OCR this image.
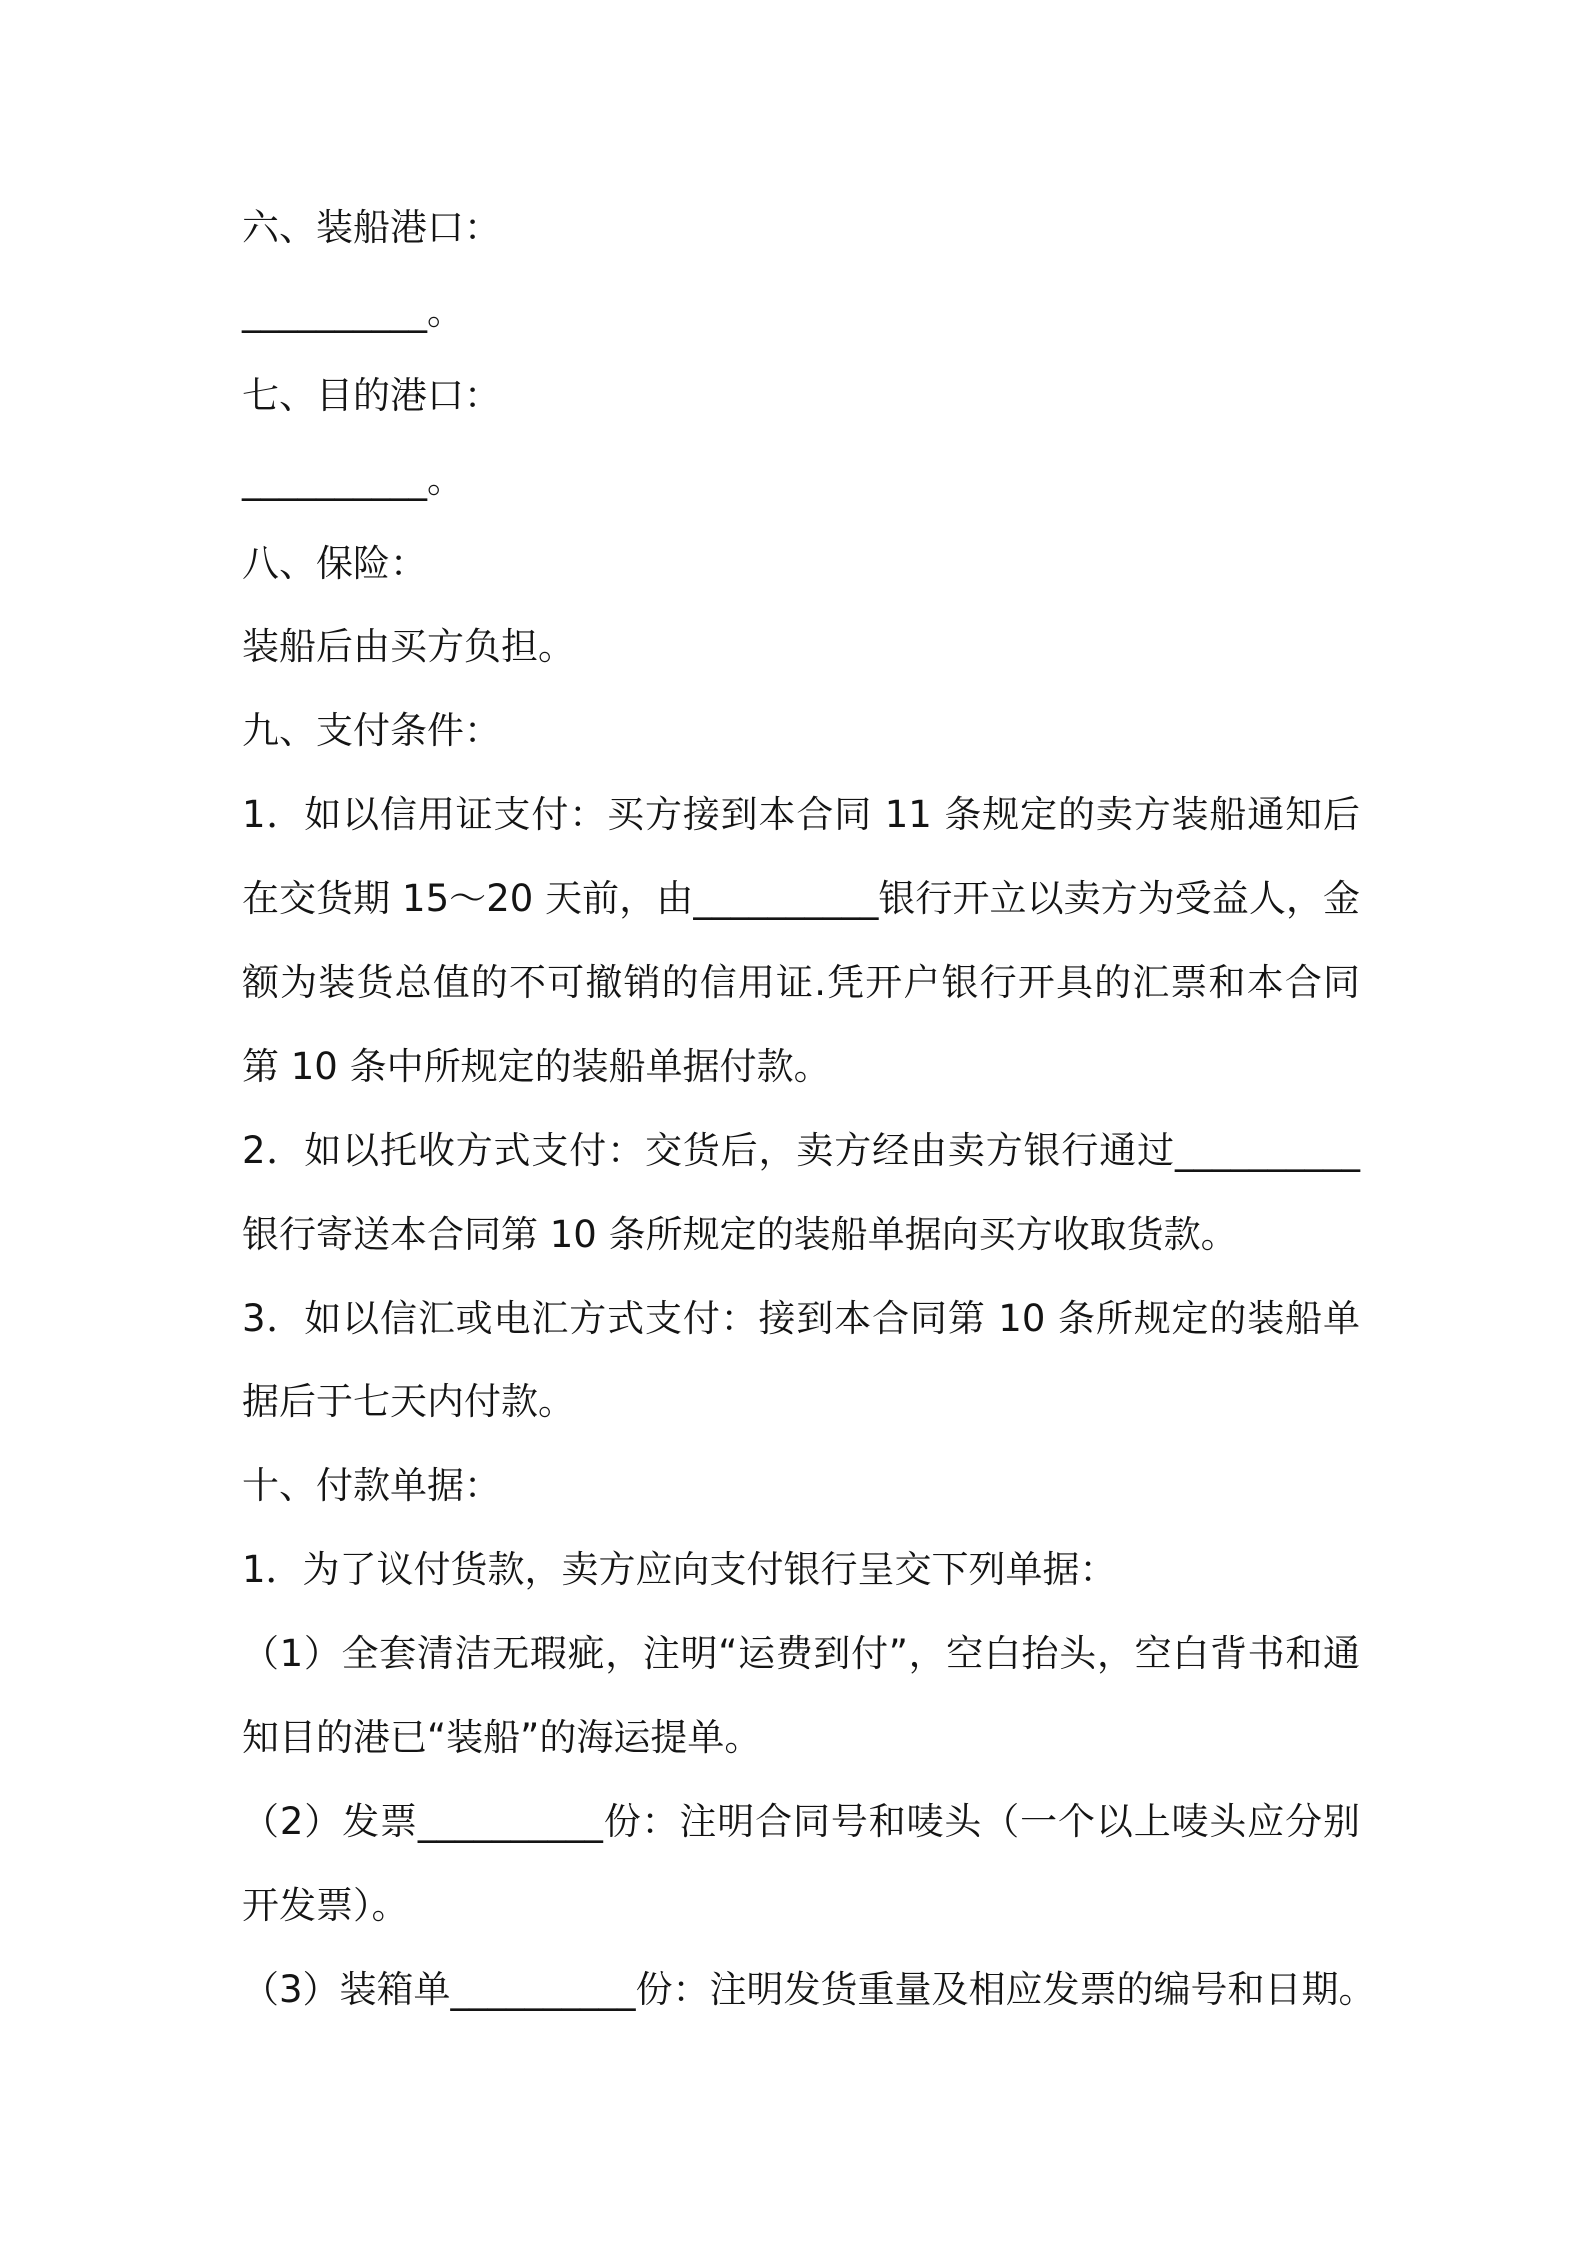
六、装船港口：
__________。
七、目的港口：
__________。
八、保险：
装船后由买方负担。
九、支付条件：
1．如以信用证支付：买方接到本合同 11 条规定的卖方装船通知后
在交货期 15～20 天前，由__________银行开立以卖方为受益人，金
额为装货总值的不可撤销的信用证.凭开户银行开具的汇票和本合同
第 10 条中所规定的装船单据付款。
2．如以托收方式支付：交货后，卖方经由卖方银行通过__________
银行寄送本合同第 10 条所规定的装船单据向买方收取货款。
3．如以信汇或电汇方式支付：接到本合同第 10 条所规定的装船单
据后于七天内付款。
十、付款单据：
1．为了议付货款，卖方应向支付银行呈交下列单据：
（1）全套清洁无瑕疵，注明“运费到付”，空白抬头，空白背书和通
知目的港已“装船”的海运提单。
（2）发票__________份：注明合同号和唛头（一个以上唛头应分别
开发票）。
（3）装箱单__________份：注明发货重量及相应发票的编号和日期。
